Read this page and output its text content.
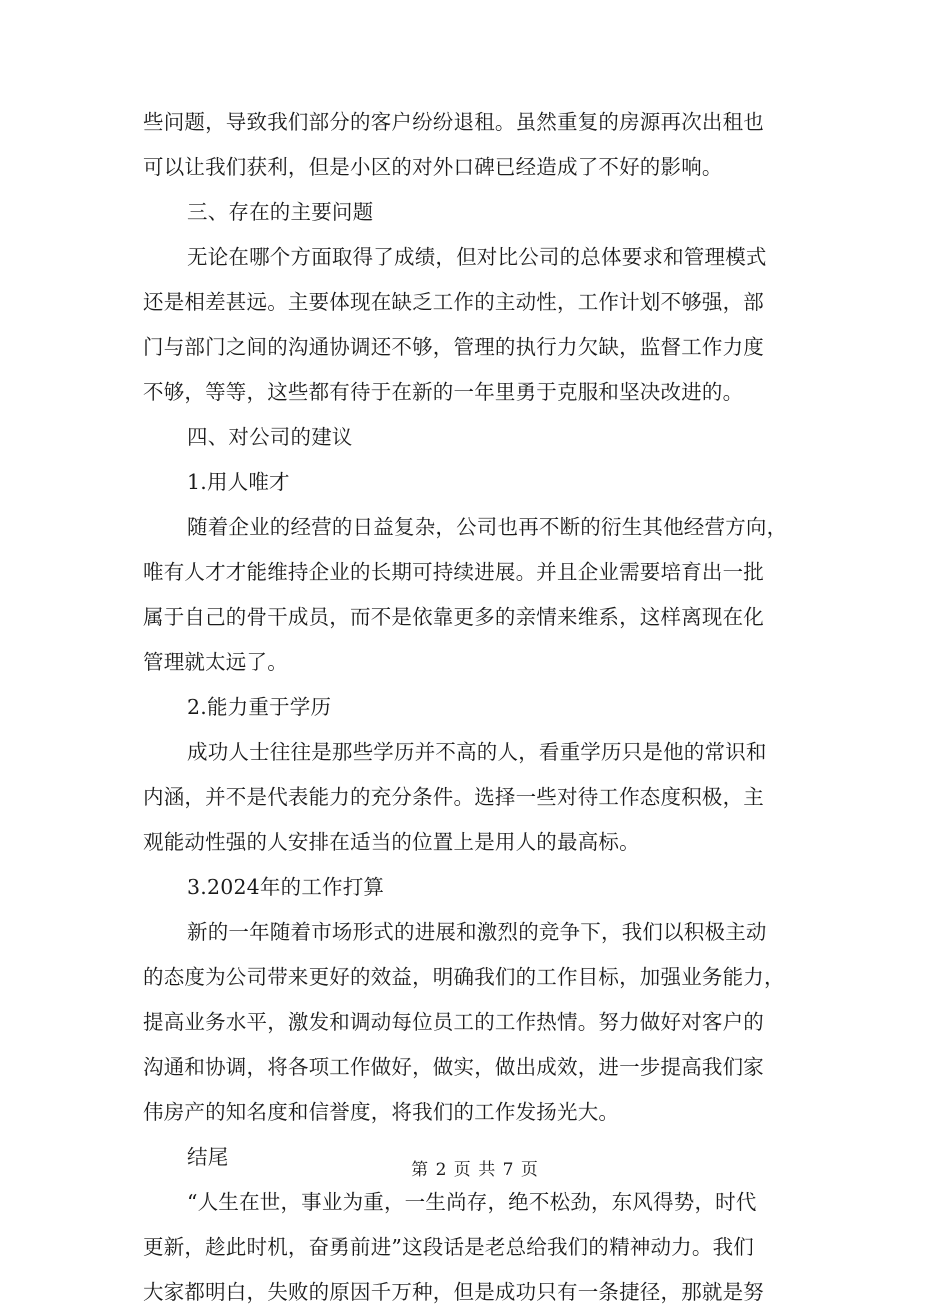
些问题，导致我们部分的客户纷纷退租。虽然重复的房源再次出租也
可以让我们获利，但是小区的对外口碑已经造成了不好的影响。
三、存在的主要问题
无论在哪个方面取得了成绩，但对比公司的总体要求和管理模式
还是相差甚远。主要体现在缺乏工作的主动性，工作计划不够强，部
门与部门之间的沟通协调还不够，管理的执行力欠缺，监督工作力度
不够，等等，这些都有待于在新的一年里勇于克服和坚决改进的。
四、对公司的建议
1.用人唯才
随着企业的经营的日益复杂，公司也再不断的衍生其他经营方向，
唯有人才才能维持企业的长期可持续进展。并且企业需要培育出一批
属于自己的骨干成员，而不是依靠更多的亲情来维系，这样离现在化
管理就太远了。
2.能力重于学历
成功人士往往是那些学历并不高的人，看重学历只是他的常识和
内涵，并不是代表能力的充分条件。选择一些对待工作态度积极，主
观能动性强的人安排在适当的位置上是用人的最高标。
3.2024年的工作打算
新的一年随着市场形式的进展和激烈的竞争下，我们以积极主动
的态度为公司带来更好的效益，明确我们的工作目标，加强业务能力，
提高业务水平，激发和调动每位员工的工作热情。努力做好对客户的
沟通和协调，将各项工作做好，做实，做出成效，进一步提高我们家
伟房产的知名度和信誉度，将我们的工作发扬光大。
结尾
“人生在世，事业为重，一生尚存，绝不松劲，东风得势，时代
更新，趁此时机，奋勇前进”这段话是老总给我们的精神动力。我们
大家都明白，失败的原因千万种，但是成功只有一条捷径，那就是努
第 2 页 共 7 页
